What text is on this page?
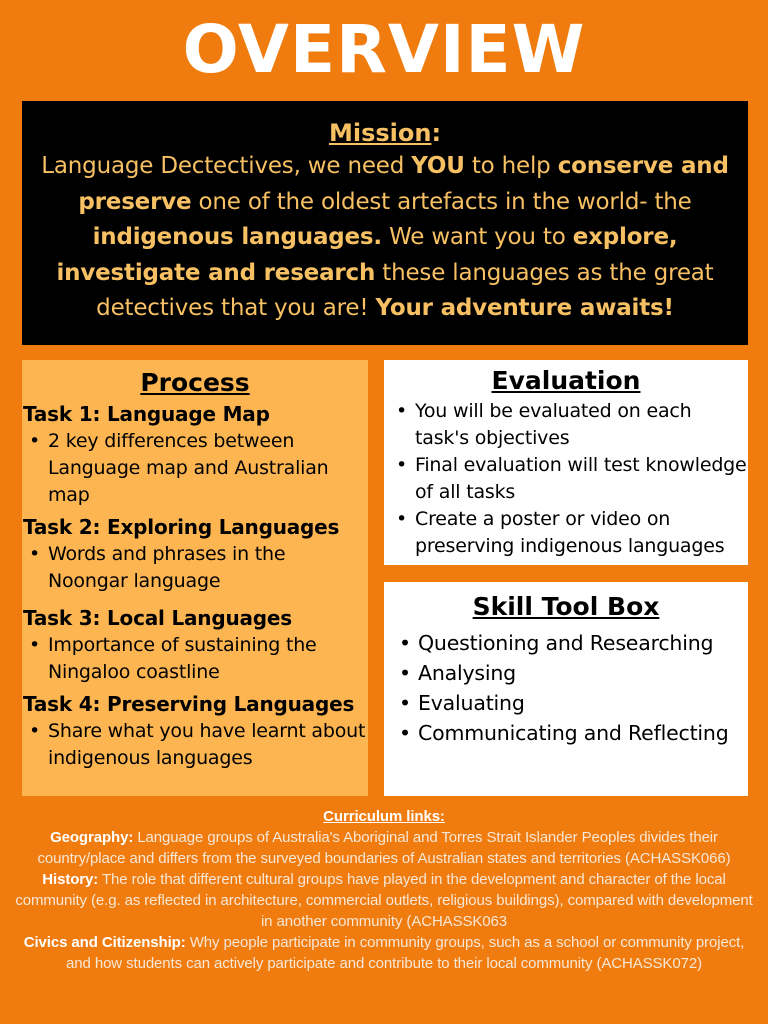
OVERVIEW
Mission:
Language Dectectives, we need YOU to help conserve and preserve one of the oldest artefacts in the world- the indigenous languages. We want you to explore, investigate and research these languages as the great detectives that you are! Your adventure awaits!
Process
Task 1: Language Map
• 2 key differences between Language map and Australian map
Task 2: Exploring Languages
• Words and phrases in the Noongar language
Task 3: Local Languages
• Importance of sustaining the Ningaloo coastline
Task 4: Preserving Languages
• Share what you have learnt about indigenous languages
Evaluation
• You will be evaluated on each task's objectives
• Final evaluation will test knowledge of all tasks
• Create a poster or video on preserving indigenous languages
Skill Tool Box
• Questioning and Researching
• Analysing
• Evaluating
• Communicating and Reflecting
Curriculum links:
Geography: Language groups of Australia's Aboriginal and Torres Strait Islander Peoples divides their country/place and differs from the surveyed boundaries of Australian states and territories (ACHASSK066)
History: The role that different cultural groups have played in the development and character of the local community (e.g. as reflected in architecture, commercial outlets, religious buildings), compared with development in another community (ACHASSK063
Civics and Citizenship: Why people participate in community groups, such as a school or community project, and how students can actively participate and contribute to their local community (ACHASSK072)
